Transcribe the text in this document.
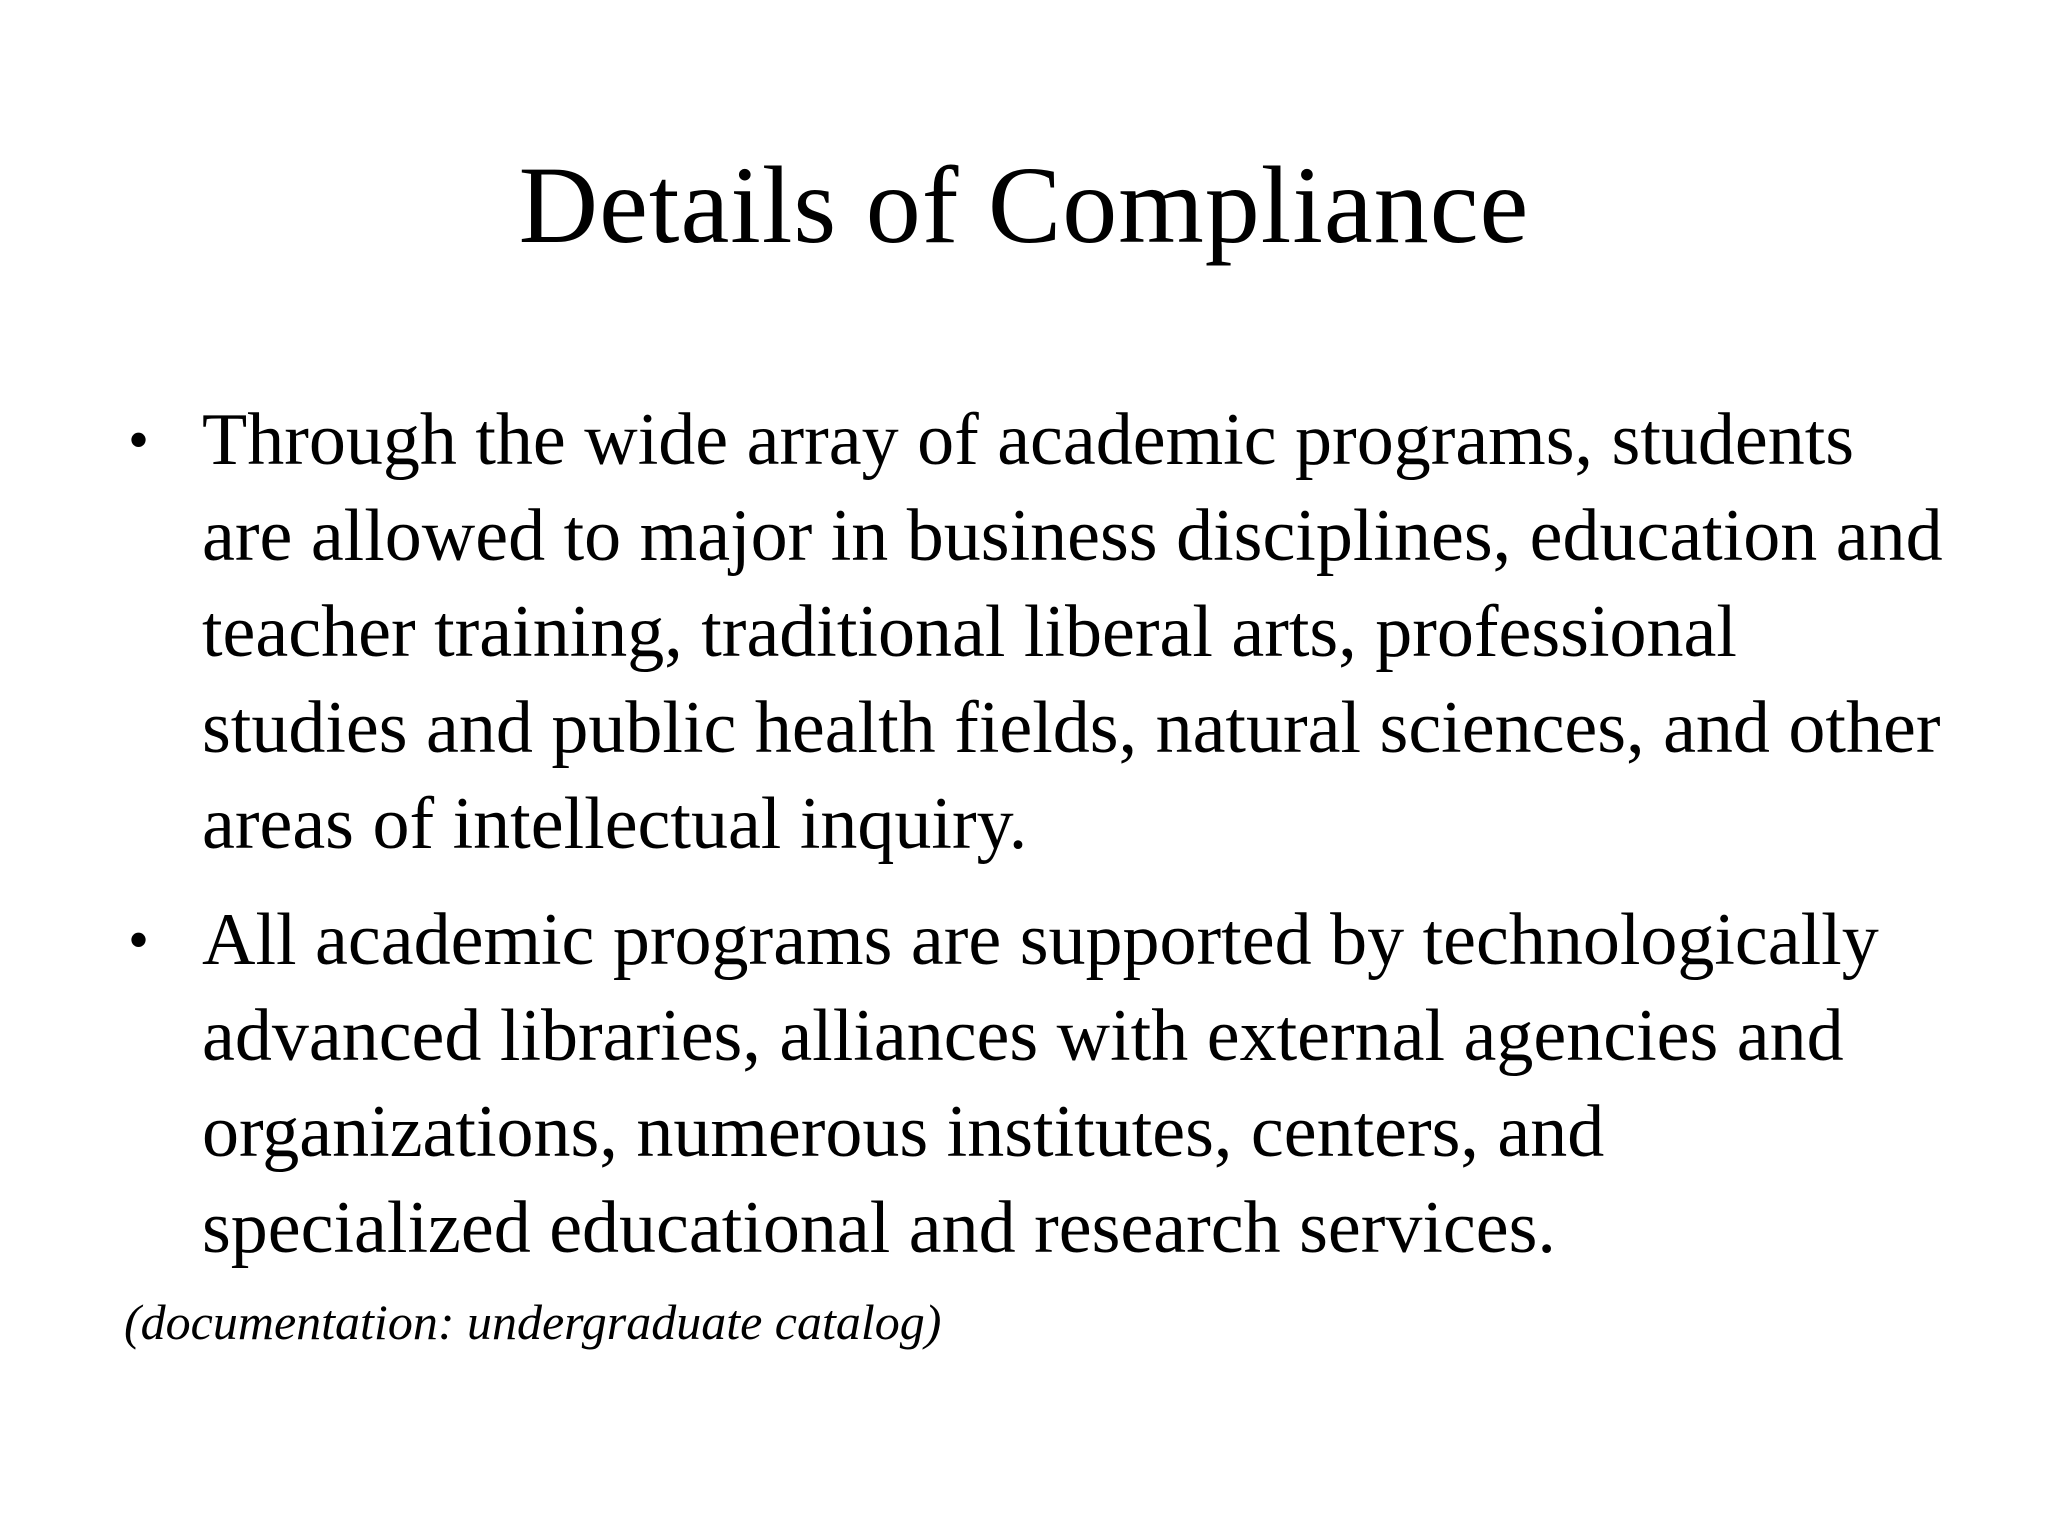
Details of Compliance
• Through the wide array of academic programs, students are allowed to major in business disciplines, education and teacher training, traditional liberal arts, professional studies and public health fields, natural sciences, and other areas of intellectual inquiry.
• All academic programs are supported by technologically advanced libraries, alliances with external agencies and organizations, numerous institutes, centers, and specialized educational and research services.
(documentation: undergraduate catalog)
